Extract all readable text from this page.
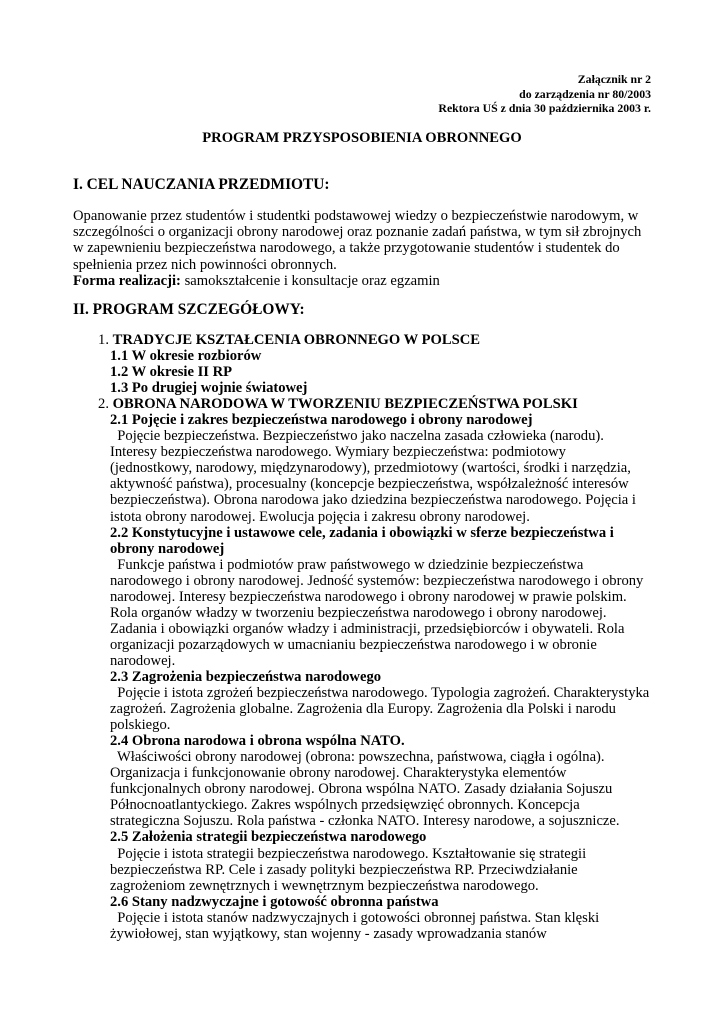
Załącznik nr 2
do zarządzenia nr 80/2003
Rektora UŚ z dnia 30 października 2003 r.
PROGRAM PRZYSPOSOBIENIA OBRONNEGO
I. CEL NAUCZANIA PRZEDMIOTU:
Opanowanie przez studentów i studentki podstawowej wiedzy o bezpieczeństwie narodowym, w
szczególności o organizacji obrony narodowej oraz poznanie zadań państwa, w tym sił zbrojnych
w zapewnieniu bezpieczeństwa narodowego, a także przygotowanie studentów i studentek do
spełnienia przez nich powinności obronnych.
Forma realizacji: samokształcenie i konsultacje oraz egzamin
II. PROGRAM SZCZEGÓŁOWY:
1. TRADYCJE KSZTAŁCENIA OBRONNEGO W POLSCE
1.1 W okresie rozbiorów
1.2 W okresie II RP
1.3 Po drugiej wojnie światowej
2. OBRONA NARODOWA W TWORZENIU BEZPIECZEŃSTWA POLSKI
2.1 Pojęcie i zakres bezpieczeństwa narodowego i obrony narodowej
Pojęcie bezpieczeństwa. Bezpieczeństwo jako naczelna zasada człowieka (narodu).
Interesy bezpieczeństwa narodowego. Wymiary bezpieczeństwa: podmiotowy
(jednostkowy, narodowy, międzynarodowy), przedmiotowy (wartości, środki i narzędzia,
aktywność państwa), procesualny (koncepcje bezpieczeństwa, współzależność interesów
bezpieczeństwa). Obrona narodowa jako dziedzina bezpieczeństwa narodowego. Pojęcia i
istota obrony narodowej. Ewolucja pojęcia i zakresu obrony narodowej.
2.2 Konstytucyjne i ustawowe cele, zadania i obowiązki w sferze bezpieczeństwa i
obrony narodowej
Funkcje państwa i podmiotów praw państwowego w dziedzinie bezpieczeństwa
narodowego i obrony narodowej. Jedność systemów: bezpieczeństwa narodowego i obrony
narodowej. Interesy bezpieczeństwa narodowego i obrony narodowej w prawie polskim.
Rola organów władzy w tworzeniu bezpieczeństwa narodowego i obrony narodowej.
Zadania i obowiązki organów władzy i administracji, przedsiębiorców i obywateli. Rola
organizacji pozarządowych w umacnianiu bezpieczeństwa narodowego i w obronie
narodowej.
2.3 Zagrożenia bezpieczeństwa narodowego
Pojęcie i istota zgrożeń bezpieczeństwa narodowego. Typologia zagrożeń. Charakterystyka
zagrożeń. Zagrożenia globalne. Zagrożenia dla Europy. Zagrożenia dla Polski i narodu
polskiego.
2.4 Obrona narodowa i obrona wspólna NATO.
Właściwości obrony narodowej (obrona: powszechna, państwowa, ciągła i ogólna).
Organizacja i funkcjonowanie obrony narodowej. Charakterystyka elementów
funkcjonalnych obrony narodowej. Obrona wspólna NATO. Zasady działania Sojuszu
Północnoatlantyckiego. Zakres wspólnych przedsięwzięć obronnych. Koncepcja
strategiczna Sojuszu. Rola państwa - członka NATO. Interesy narodowe, a sojusznicze.
2.5 Założenia strategii bezpieczeństwa narodowego
Pojęcie i istota strategii bezpieczeństwa narodowego. Kształtowanie się strategii
bezpieczeństwa RP. Cele i zasady polityki bezpieczeństwa RP. Przeciwdziałanie
zagrożeniom zewnętrznych i wewnętrznym bezpieczeństwa narodowego.
2.6 Stany nadzwyczajne i gotowość obronna państwa
Pojęcie i istota stanów nadzwyczajnych i gotowości obronnej państwa. Stan klęski
żywiołowej, stan wyjątkowy, stan wojenny - zasady wprowadzania stanów
